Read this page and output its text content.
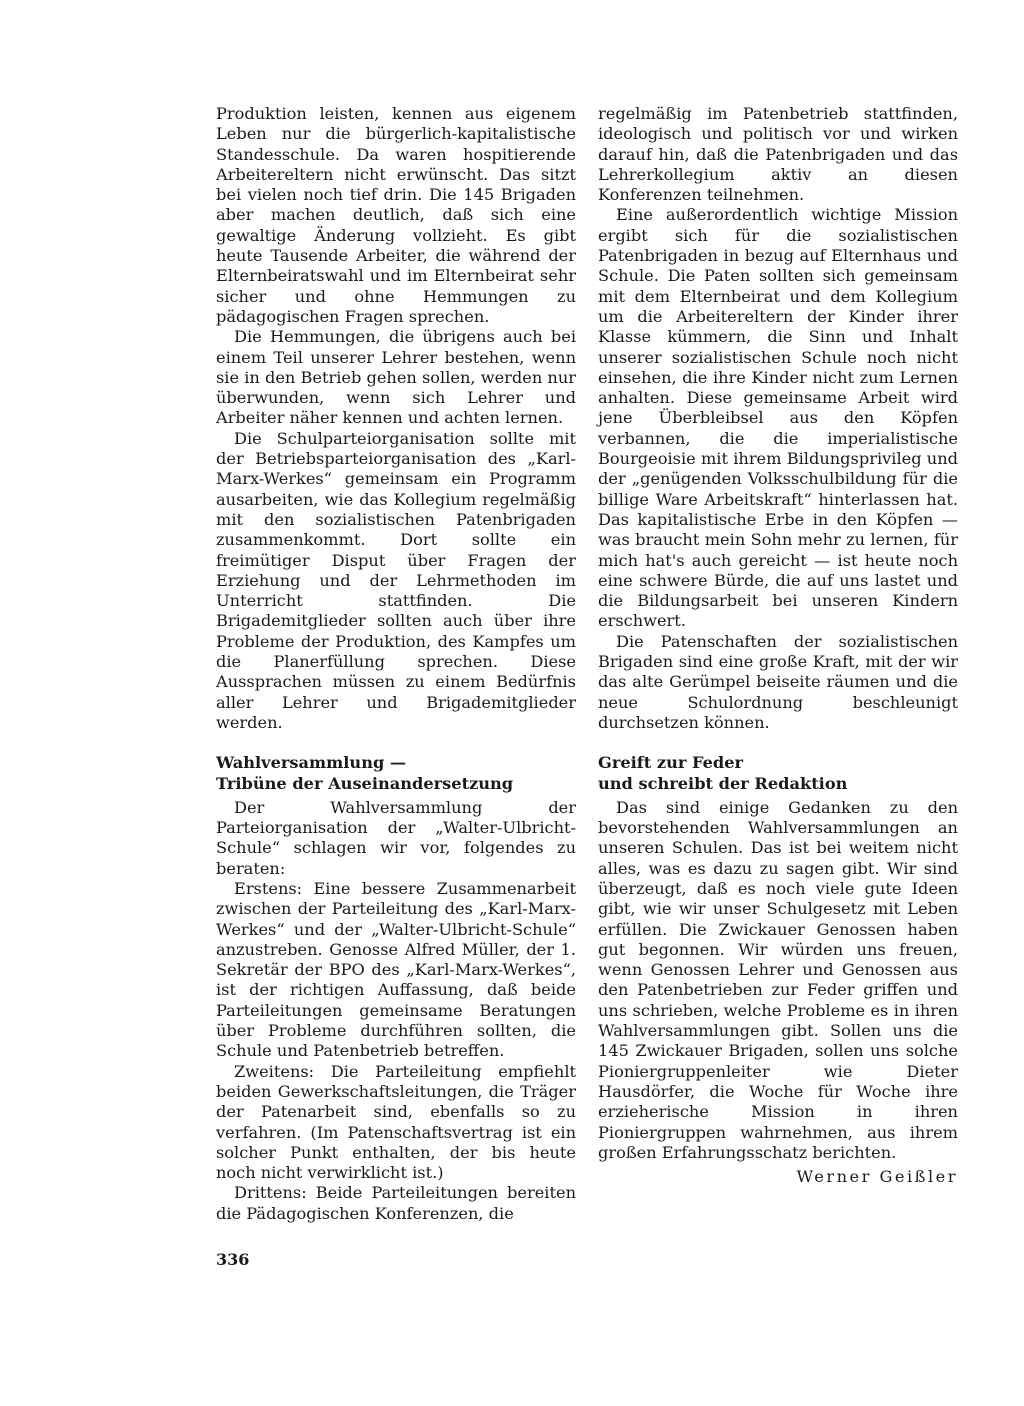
Produktion leisten, kennen aus eigenem Leben nur die bürgerlich-kapitalistische Standesschule. Da waren hospitierende Arbeitereltern nicht erwünscht. Das sitzt bei vielen noch tief drin. Die 145 Brigaden aber machen deutlich, daß sich eine gewaltige Änderung vollzieht. Es gibt heute Tausende Arbeiter, die während der Elternbeiratswahl und im Elternbeirat sehr sicher und ohne Hemmungen zu pädagogischen Fragen sprechen.

Die Hemmungen, die übrigens auch bei einem Teil unserer Lehrer bestehen, wenn sie in den Betrieb gehen sollen, werden nur überwunden, wenn sich Lehrer und Arbeiter näher kennen und achten lernen.

Die Schulparteiorganisation sollte mit der Betriebsparteiorganisation des „Karl-Marx-Werkes“ gemeinsam ein Programm ausarbeiten, wie das Kollegium regelmäßig mit den sozialistischen Patenbrigaden zusammenkommt. Dort sollte ein freimütiger Disput über Fragen der Erziehung und der Lehrmethoden im Unterricht stattfinden. Die Brigademitglieder sollten auch über ihre Probleme der Produktion, des Kampfes um die Planerfüllung sprechen. Diese Aussprachen müssen zu einem Bedürfnis aller Lehrer und Brigademitglieder werden.

Wahlversammlung —
Tribüne der Auseinandersetzung

Der Wahlversammlung der Parteiorganisation der „Walter-Ulbricht-Schule“ schlagen wir vor, folgendes zu beraten:

Erstens: Eine bessere Zusammenarbeit zwischen der Parteileitung des „Karl-Marx-Werkes“ und der „Walter-Ulbricht-Schule“ anzustreben. Genosse Alfred Müller, der 1. Sekretär der BPO des „Karl-Marx-Werkes“, ist der richtigen Auffassung, daß beide Parteileitungen gemeinsame Beratungen über Probleme durchführen sollten, die Schule und Patenbetrieb betreffen.

Zweitens: Die Parteileitung empfiehlt beiden Gewerkschaftsleitungen, die Träger der Patenarbeit sind, ebenfalls so zu verfahren. (Im Patenschaftsvertrag ist ein solcher Punkt enthalten, der bis heute noch nicht verwirklicht ist.)

Drittens: Beide Parteileitungen bereiten die Pädagogischen Konferenzen, die

regelmäßig im Patenbetrieb stattfinden, ideologisch und politisch vor und wirken darauf hin, daß die Patenbrigaden und das Lehrerkollegium aktiv an diesen Konferenzen teilnehmen.

Eine außerordentlich wichtige Mission ergibt sich für die sozialistischen Patenbrigaden in bezug auf Elternhaus und Schule. Die Paten sollten sich gemeinsam mit dem Elternbeirat und dem Kollegium um die Arbeitereltern der Kinder ihrer Klasse kümmern, die Sinn und Inhalt unserer sozialistischen Schule noch nicht einsehen, die ihre Kinder nicht zum Lernen anhalten. Diese gemeinsame Arbeit wird jene Überbleibsel aus den Köpfen verbannen, die die imperialistische Bourgeoisie mit ihrem Bildungsprivileg und der „genügenden Volksschulbildung für die billige Ware Arbeitskraft“ hinterlassen hat. Das kapitalistische Erbe in den Köpfen — was braucht mein Sohn mehr zu lernen, für mich hat's auch gereicht — ist heute noch eine schwere Bürde, die auf uns lastet und die Bildungsarbeit bei unseren Kindern erschwert.

Die Patenschaften der sozialistischen Brigaden sind eine große Kraft, mit der wir das alte Gerümpel beiseite räumen und die neue Schulordnung beschleunigt durchsetzen können.

Greift zur Feder
und schreibt der Redaktion

Das sind einige Gedanken zu den bevorstehenden Wahlversammlungen an unseren Schulen. Das ist bei weitem nicht alles, was es dazu zu sagen gibt. Wir sind überzeugt, daß es noch viele gute Ideen gibt, wie wir unser Schulgesetz mit Leben erfüllen. Die Zwickauer Genossen haben gut begonnen. Wir würden uns freuen, wenn Genossen Lehrer und Genossen aus den Patenbetrieben zur Feder griffen und uns schrieben, welche Probleme es in ihren Wahlversammlungen gibt. Sollen uns die 145 Zwickauer Brigaden, sollen uns solche Pioniergruppenleiter wie Dieter Hausdörfer, die Woche für Woche ihre erzieherische Mission in ihren Pioniergruppen wahrnehmen, aus ihrem großen Erfahrungsschatz berichten.

Werner Geißler
336
